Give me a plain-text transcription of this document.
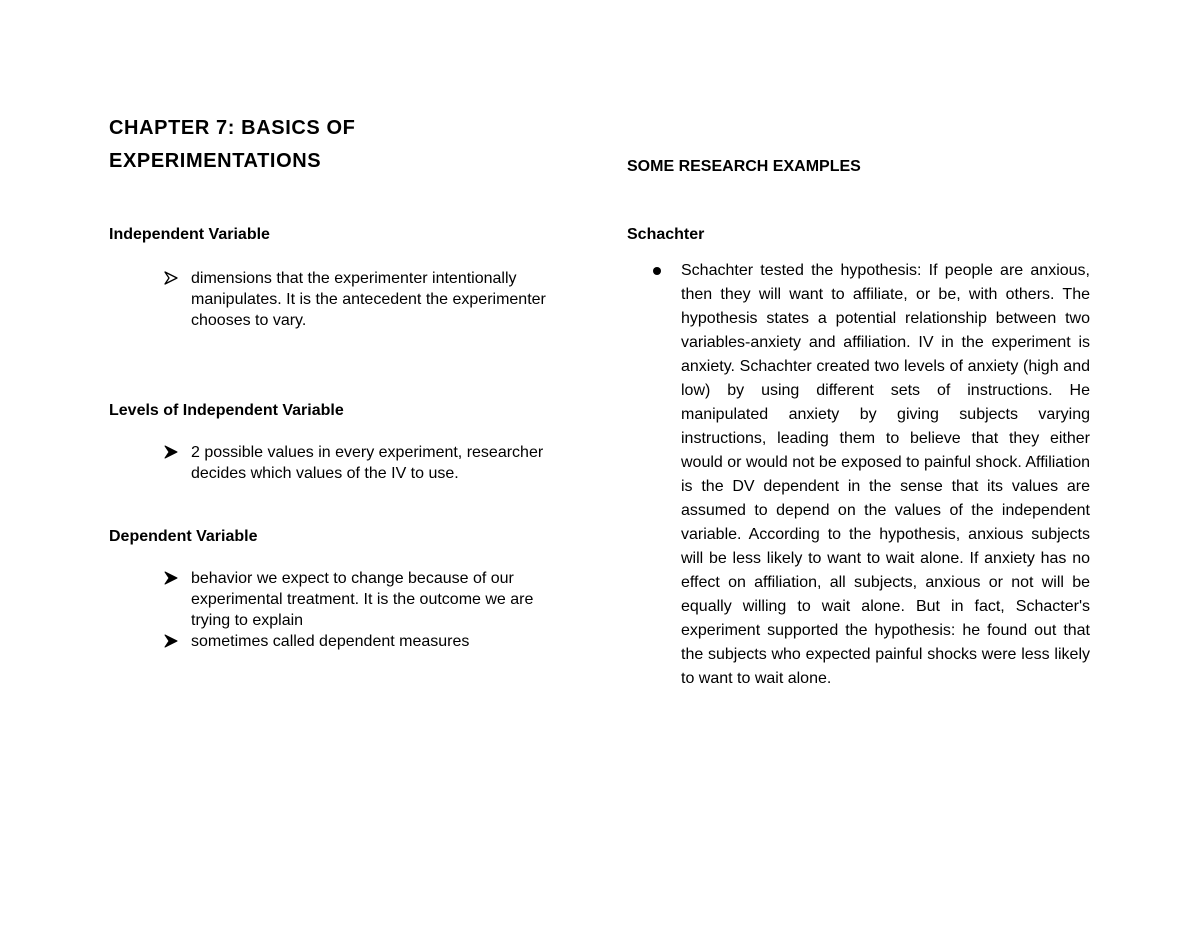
CHAPTER 7: BASICS OF EXPERIMENTATIONS
Independent Variable
dimensions that the experimenter intentionally manipulates. It is the antecedent the experimenter chooses to vary.
Levels of Independent Variable
2 possible values in every experiment, researcher decides which values of the IV to use.
Dependent Variable
behavior we expect to change because of our experimental treatment. It is the outcome we are trying to explain
sometimes called dependent measures
SOME RESEARCH EXAMPLES
Schachter
Schachter tested the hypothesis: If people are anxious, then they will want to affiliate, or be, with others. The hypothesis states a potential relationship between two variables-anxiety and affiliation. IV in the experiment is anxiety. Schachter created two levels of anxiety (high and low) by using different sets of instructions. He manipulated anxiety by giving subjects varying instructions, leading them to believe that they either would or would not be exposed to painful shock. Affiliation is the DV dependent in the sense that its values are assumed to depend on the values of the independent variable. According to the hypothesis, anxious subjects will be less likely to want to wait alone. If anxiety has no effect on affiliation, all subjects, anxious or not will be equally willing to wait alone. But in fact, Schacter's experiment supported the hypothesis: he found out that the subjects who expected painful shocks were less likely to want to wait alone.
